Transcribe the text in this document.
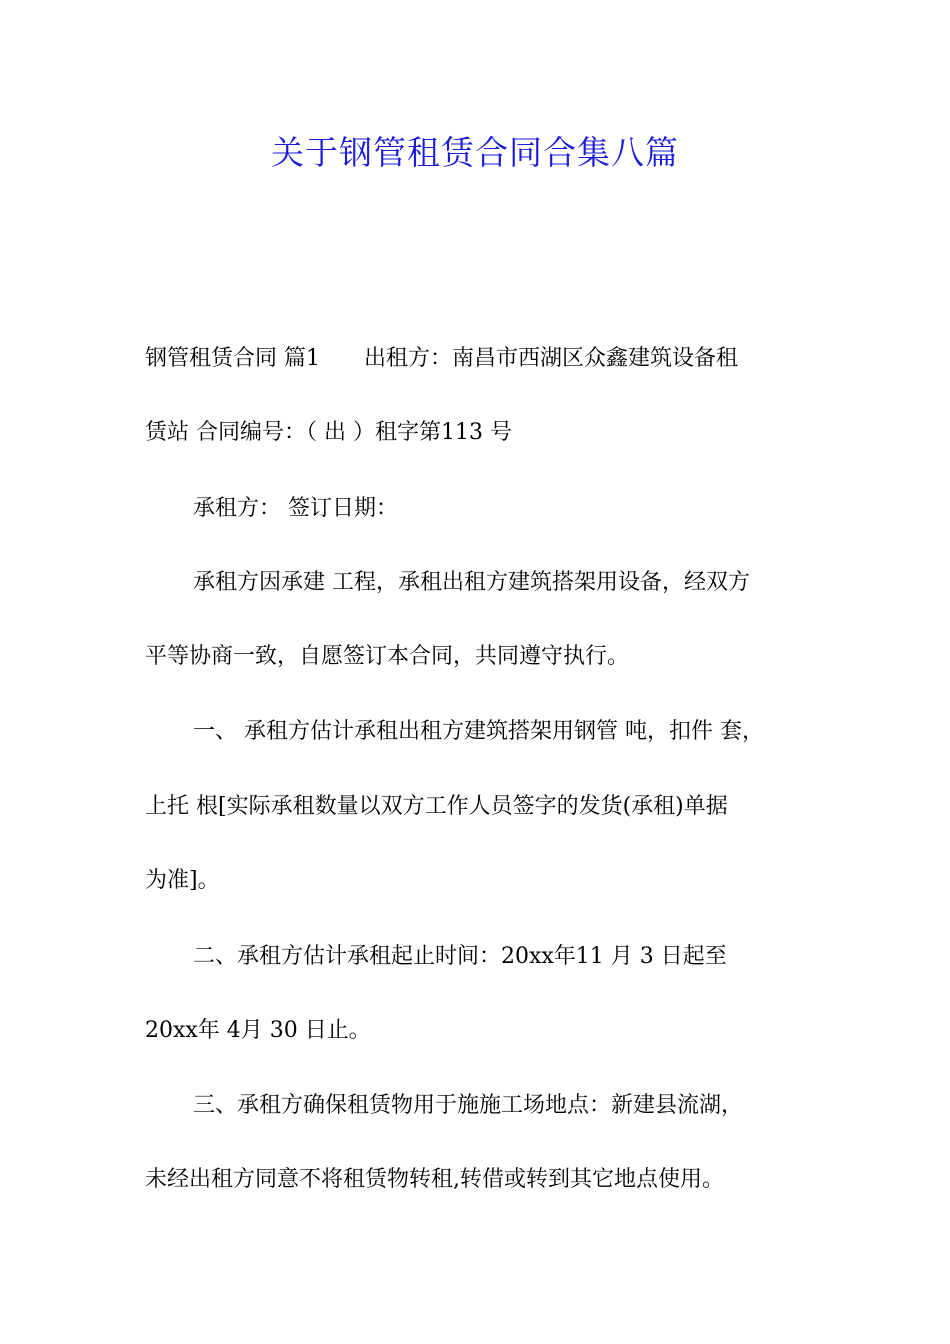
关于钢管租赁合同合集八篇
钢管租赁合同 篇1　　出租方：南昌市西湖区众鑫建筑设备租
赁站 合同编号：（ 出 ）租字第113 号
承租方： 签订日期：
承租方因承建 工程，承租出租方建筑搭架用设备，经双方
平等协商一致，自愿签订本合同，共同遵守执行。
一、 承租方估计承租出租方建筑搭架用钢管 吨，扣件 套，
上托 根[实际承租数量以双方工作人员签字的发货(承租)单据
为准]。
二、承租方估计承租起止时间：20xx年11 月 3 日起至
20xx年 4月 30 日止。
三、承租方确保租赁物用于施施工场地点：新建县流湖，
未经出租方同意不将租赁物转租,转借或转到其它地点使用。
